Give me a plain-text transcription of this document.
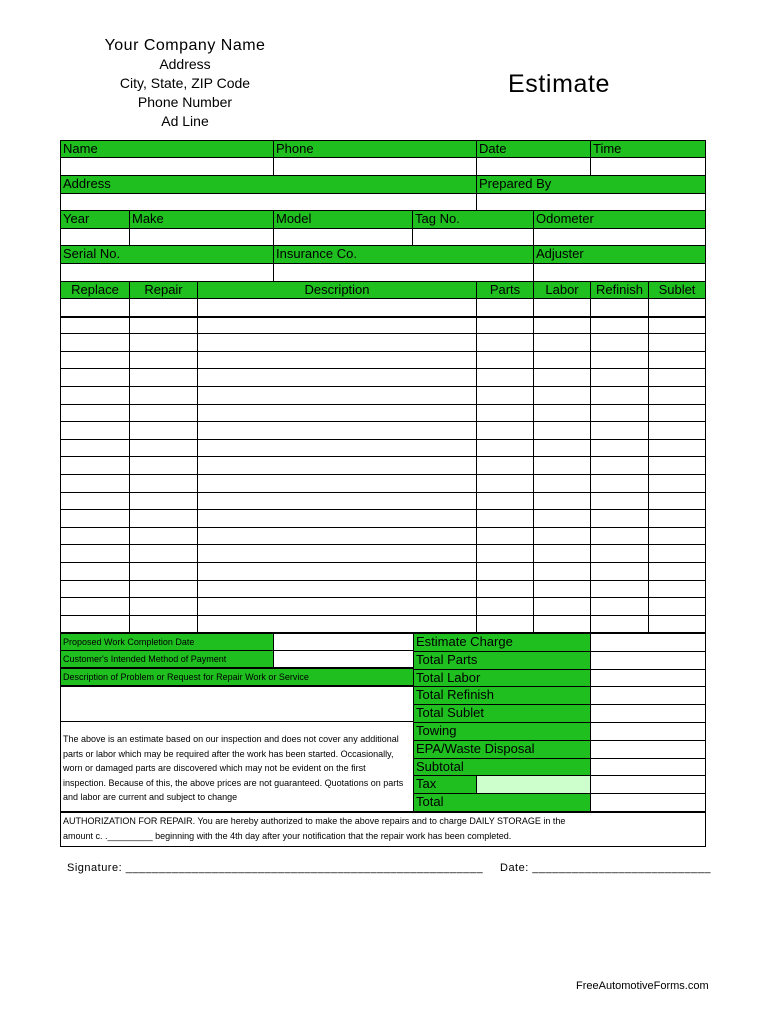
Your Company Name
Address
City, State, ZIP Code
Phone Number
Ad Line
Estimate
Name	Phone	Date	Time
Address	Prepared By
Year	Make	Model	Tag No.	Odometer
Serial No.	Insurance Co.	Adjuster
Replace	Repair	Description	Parts	Labor	Refinish	Sublet
Proposed Work Completion Date
Customer's Intended Method of Payment
Description of Problem or Request for Repair Work or Service
Estimate Charge
Total Parts
Total Labor
Total Refinish
Total Sublet
Towing
EPA/Waste Disposal
Subtotal
Tax
Total
The above is an estimate based on our inspection and does not cover any additional parts or labor which may be required after the work has been started. Occasionally, worn or damaged parts are discovered which may not be evident on the first inspection. Because of this, the above prices are not guaranteed. Quotations on parts and labor are current and subject to change
AUTHORIZATION FOR REPAIR. You are hereby authorized to make the above repairs and to charge DAILY STORAGE in the
amount c. ._________ beginning with the 4th day after your notification that the repair work has been completed.
Signature: ______________________________________________________ Date: ___________________________
FreeAutomotiveForms.com
